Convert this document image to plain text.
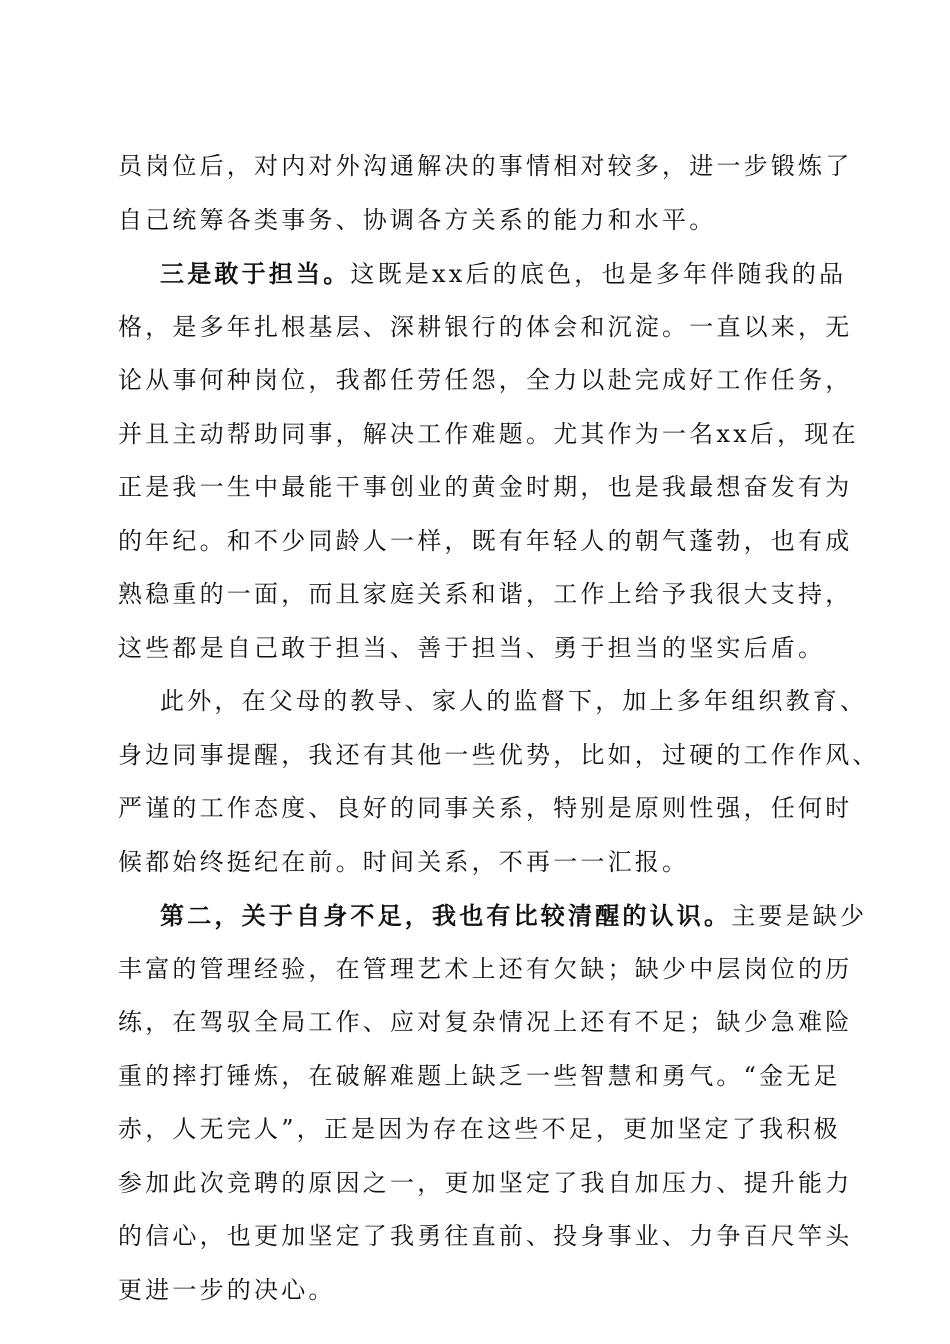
员岗位后，对内对外沟通解决的事情相对较多，进一步锻炼了
自己统筹各类事务、协调各方关系的能力和水平。
三是敢于担当。这既是xx后的底色，也是多年伴随我的品
格，是多年扎根基层、深耕银行的体会和沉淀。一直以来，无
论从事何种岗位，我都任劳任怨，全力以赴完成好工作任务，
并且主动帮助同事，解决工作难题。尤其作为一名xx后，现在
正是我一生中最能干事创业的黄金时期，也是我最想奋发有为
的年纪。和不少同龄人一样，既有年轻人的朝气蓬勃，也有成
熟稳重的一面，而且家庭关系和谐，工作上给予我很大支持，
这些都是自己敢于担当、善于担当、勇于担当的坚实后盾。
此外，在父母的教导、家人的监督下，加上多年组织教育、
身边同事提醒，我还有其他一些优势，比如，过硬的工作作风、
严谨的工作态度、良好的同事关系，特别是原则性强，任何时
候都始终挺纪在前。时间关系，不再一一汇报。
第二，关于自身不足，我也有比较清醒的认识。主要是缺少
丰富的管理经验，在管理艺术上还有欠缺；缺少中层岗位的历
练，在驾驭全局工作、应对复杂情况上还有不足；缺少急难险
重的摔打锤炼，在破解难题上缺乏一些智慧和勇气。“金无足
赤，人无完人”，正是因为存在这些不足，更加坚定了我积极
参加此次竞聘的原因之一，更加坚定了我自加压力、提升能力
的信心，也更加坚定了我勇往直前、投身事业、力争百尺竿头
更进一步的决心。
